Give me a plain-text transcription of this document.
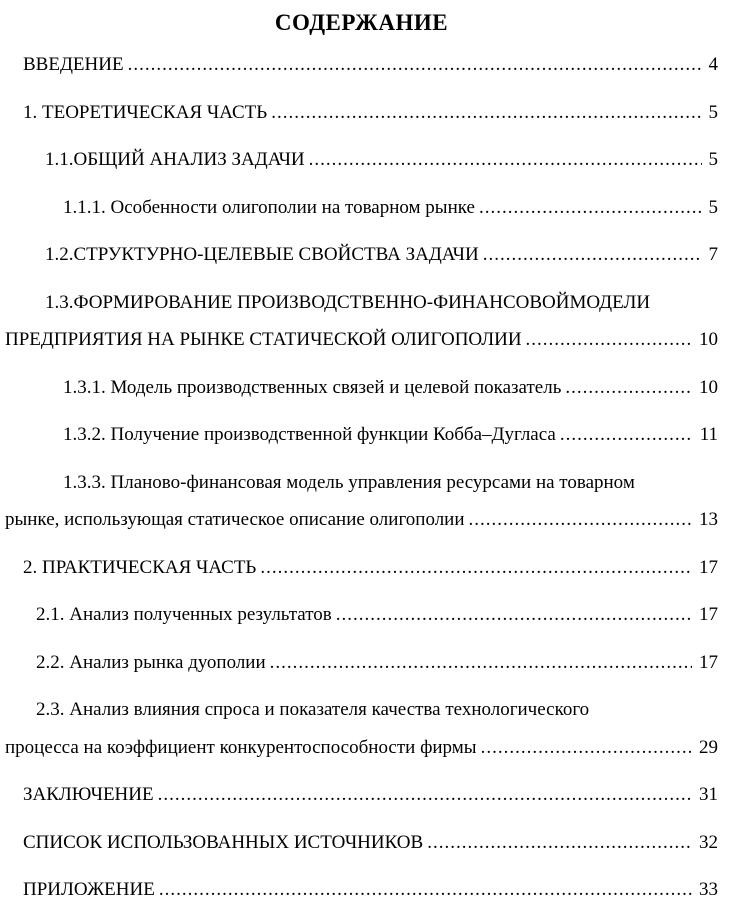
СОДЕРЖАНИЕ
ВВЕДЕНИЕ .....	4
1. ТЕОРЕТИЧЕСКАЯ ЧАСТЬ .....	5
1.1.ОБЩИЙ АНАЛИЗ ЗАДАЧИ .....	5
1.1.1. Особенности олигополии на товарном рынке .....	5
1.2.СТРУКТУРНО-ЦЕЛЕВЫЕ СВОЙСТВА ЗАДАЧИ .....	7
1.3.ФОРМИРОВАНИЕ ПРОИЗВОДСТВЕННО-ФИНАНСОВОЙМОДЕЛИ
ПРЕДПРИЯТИЯ НА РЫНКЕ СТАТИЧЕСКОЙ ОЛИГОПОЛИИ .....	10
1.3.1. Модель производственных связей и целевой показатель .....	10
1.3.2. Получение производственной функции Кобба–Дугласа .....	11
1.3.3. Планово-финансовая модель управления ресурсами на товарном
рынке, использующая статическое описание олигополии .....	13
2. ПРАКТИЧЕСКАЯ ЧАСТЬ .....	17
2.1. Анализ полученных результатов .....	17
2.2. Анализ рынка дуополии .....	17
2.3. Анализ влияния спроса и показателя качества технологического
процесса на коэффициент конкурентоспособности фирмы .....	29
ЗАКЛЮЧЕНИЕ .....	31
СПИСОК ИСПОЛЬЗОВАННЫХ ИСТОЧНИКОВ .....	32
ПРИЛОЖЕНИЕ .....	33
